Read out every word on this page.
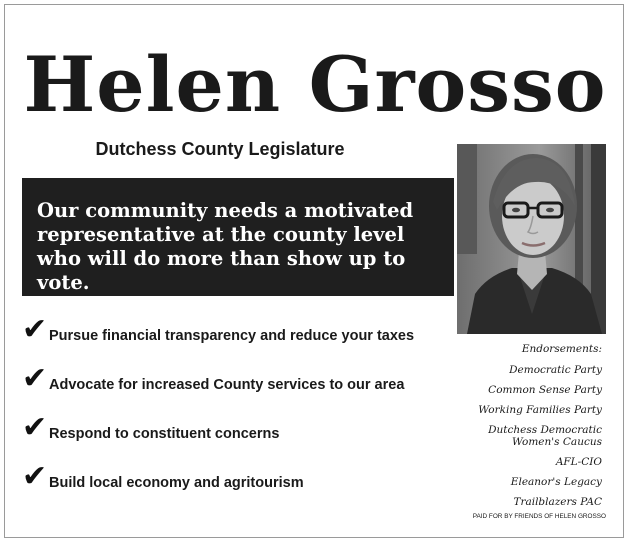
Helen Grosso
Dutchess County Legislature
Our community needs a motivated representative at the county level who will do more than show up to vote.
✔ Pursue financial transparency and reduce your taxes
✔ Advocate for increased County services to our area
✔ Respond to constituent concerns
✔ Build local economy and agritourism
Endorsements:
Democratic Party
Common Sense Party
Working Families Party
Dutchess Democratic Women's Caucus
AFL-CIO
Eleanor's Legacy
Trailblazers PAC
PAID FOR BY FRIENDS OF HELEN GROSSO
